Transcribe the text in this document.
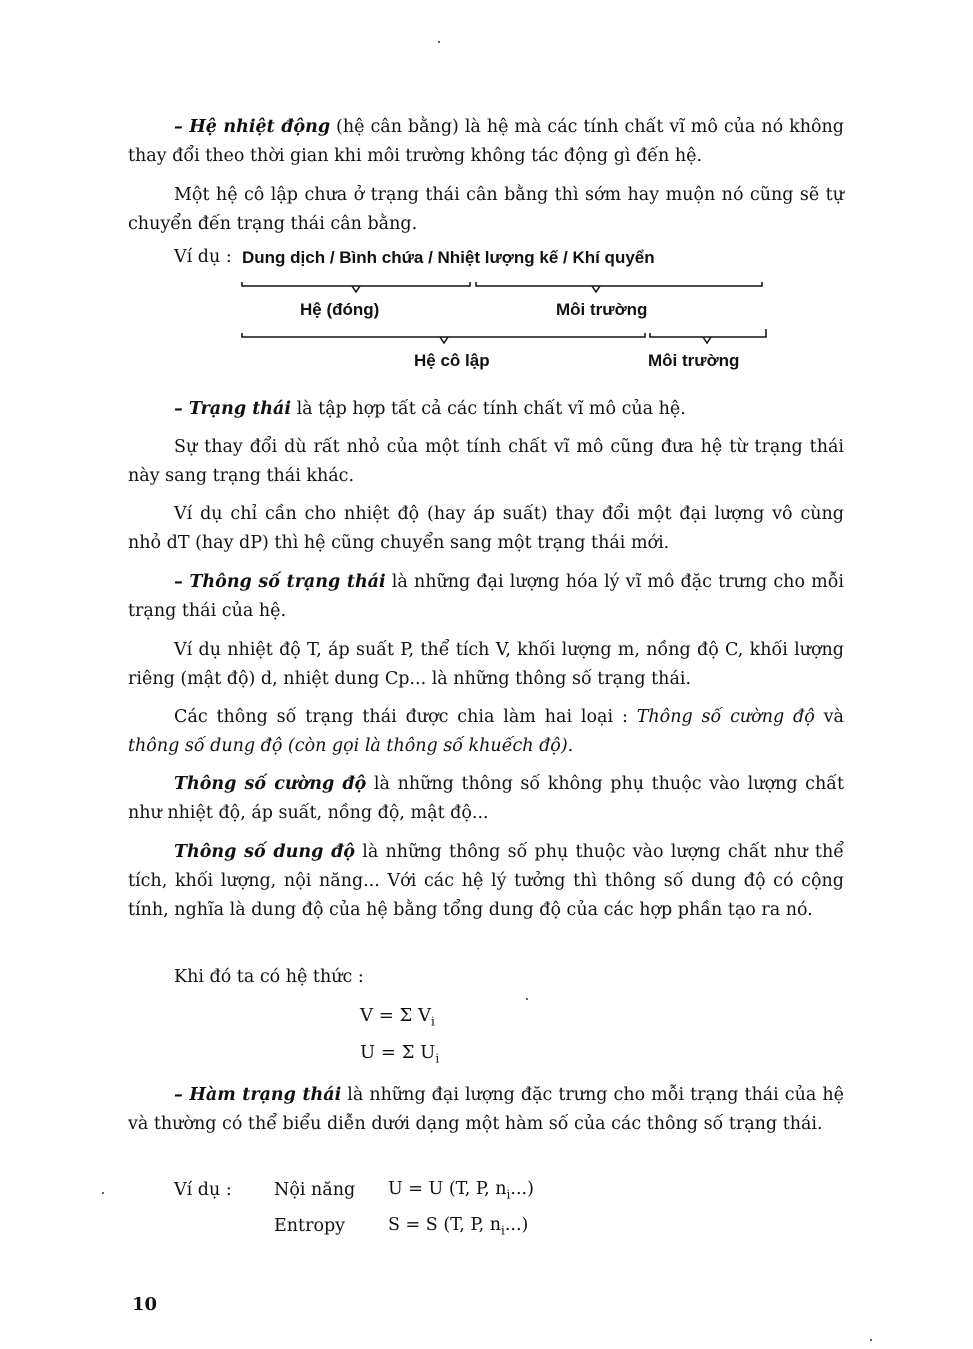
– Hệ nhiệt động (hệ cân bằng) là hệ mà các tính chất vĩ mô của nó không thay đổi theo thời gian khi môi trường không tác động gì đến hệ.

Một hệ cô lập chưa ở trạng thái cân bằng thì sớm hay muộn nó cũng sẽ tự chuyển đến trạng thái cân bằng.

Ví dụ : Dung dịch / Bình chứa / Nhiệt lượng kế / Khí quyển
Hệ (đóng)	Môi trường
Hệ cô lập	Môi trường

– Trạng thái là tập hợp tất cả các tính chất vĩ mô của hệ.

Sự thay đổi dù rất nhỏ của một tính chất vĩ mô cũng đưa hệ từ trạng thái này sang trạng thái khác.

Ví dụ chỉ cần cho nhiệt độ (hay áp suất) thay đổi một đại lượng vô cùng nhỏ dT (hay dP) thì hệ cũng chuyển sang một trạng thái mới.

– Thông số trạng thái là những đại lượng hóa lý vĩ mô đặc trưng cho mỗi trạng thái của hệ.

Ví dụ nhiệt độ T, áp suất P, thể tích V, khối lượng m, nồng độ C, khối lượng riêng (mật độ) d, nhiệt dung Cp... là những thông số trạng thái.

Các thông số trạng thái được chia làm hai loại : Thông số cường độ và thông số dung độ (còn gọi là thông số khuếch độ).

Thông số cường độ là những thông số không phụ thuộc vào lượng chất như nhiệt độ, áp suất, nồng độ, mật độ...

Thông số dung độ là những thông số phụ thuộc vào lượng chất như thể tích, khối lượng, nội năng... Với các hệ lý tưởng thì thông số dung độ có cộng tính, nghĩa là dung độ của hệ bằng tổng dung độ của các hợp phần tạo ra nó.

Khi đó ta có hệ thức :

V = Σ $V_i$
U = Σ $U_i$

– Hàm trạng thái là những đại lượng đặc trưng cho mỗi trạng thái của hệ và thường có thể biểu diễn dưới dạng một hàm số của các thông số trạng thái.

Ví dụ : Nội năng U = U (T, P, $n_i$...)
Entropy S = S (T, P, $n_i$...)
10
